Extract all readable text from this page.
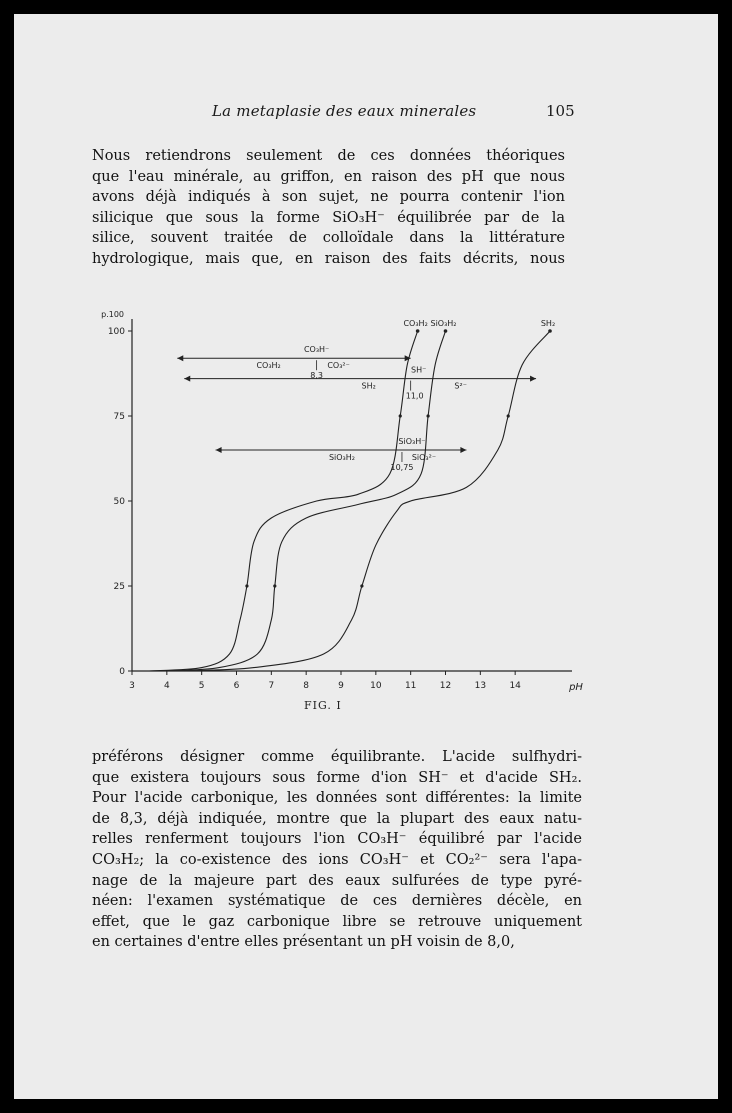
La metaplasie des eaux minerales	105
Nous retiendrons seulement de ces données théoriques
que l'eau minérale, au griffon, en raison des pH que nous
avons déjà indiqués à son sujet, ne pourra contenir l'ion
silicique que sous la forme SiO₃H⁻ équilibrée par de la
silice, souvent traitée de colloïdale dans la littérature
hydrologique, mais que, en raison des faits décrits, nous
0
25
50
75
100
p.100
3	4	5	6	7	8	9	10	11	12	13	14	pH
CO₃H₂ SiO₃H₂	SH₂
CO₃H⁻
CO₃H₂	CO₃²⁻
8,3
SH⁻
SH₂	S²⁻
11,0
SiO₃H⁻
SiO₃H₂	SiO₃²⁻
10,75
FIG. I
préférons désigner comme équilibrante. L'acide sulfhydri-
que existera toujours sous forme d'ion SH⁻ et d'acide SH₂.
Pour l'acide carbonique, les données sont différentes: la limite
de 8,3, déjà indiquée, montre que la plupart des eaux natu-
relles renferment toujours l'ion CO₃H⁻ équilibré par l'acide
CO₃H₂; la co-existence des ions CO₃H⁻ et CO₂²⁻ sera l'apa-
nage de la majeure part des eaux sulfurées de type pyré-
néen: l'examen systématique de ces dernières décèle, en
effet, que le gaz carbonique libre se retrouve uniquement
en certaines d'entre elles présentant un pH voisin de 8,0,
